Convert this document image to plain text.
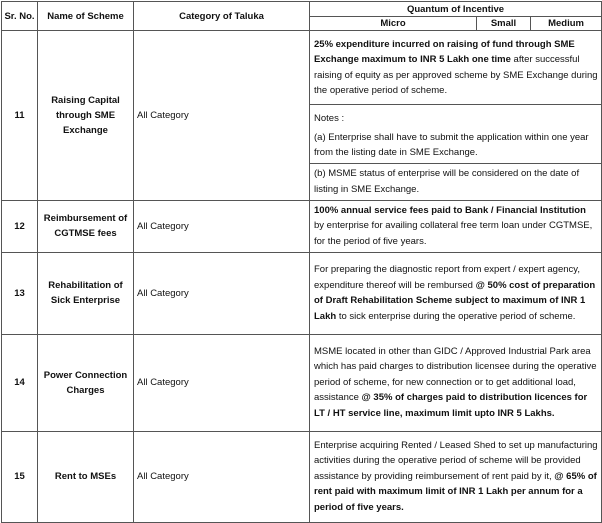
Sr. No.	Name of Scheme	Category of Taluka	Quantum of Incentive		
			Micro	Small	Medium
11	Raising Capital through SME Exchange	All Category	25% expenditure incurred on raising of fund through SME Exchange maximum to INR 5 Lakh one time after successful raising of equity as per approved scheme by SME Exchange during the operative period of scheme.		

			Notes :
(a) Enterprise shall have to submit the application within one year from the listing date in SME Exchange.		

			(b) MSME status of enterprise will be considered on the date of listing in SME Exchange.		
12	Reimbursement of CGTMSE fees	All Category	100% annual service fees paid to Bank / Financial Institution by enterprise for availing collateral free term loan under CGTMSE, for the period of five years.		
13	Rehabilitation of Sick Enterprise	All Category	For preparing the diagnostic report from expert / expert agency, expenditure thereof will be rembursed @ 50% cost of preparation of Draft Rehabilitation Scheme subject to maximum of INR 1 Lakh to sick enterprise during the operative period of scheme.		
14	Power Connection Charges	All Category	MSME located in other than GIDC / Approved Industrial Park area which has paid charges to distribution licensee during the operative period of scheme, for new connection or to get additional load, assistance @ 35% of charges paid to distribution licences for LT / HT service line, maximum limit upto INR 5 Lakhs.		
15	Rent to MSEs	All Category	Enterprise acquiring Rented / Leased Shed to set up manufacturing activities during the operative period of scheme will be provided assistance by providing reimbursement of rent paid by it, @ 65% of rent paid with maximum limit of INR 1 Lakh per annum for a period of five years.		
